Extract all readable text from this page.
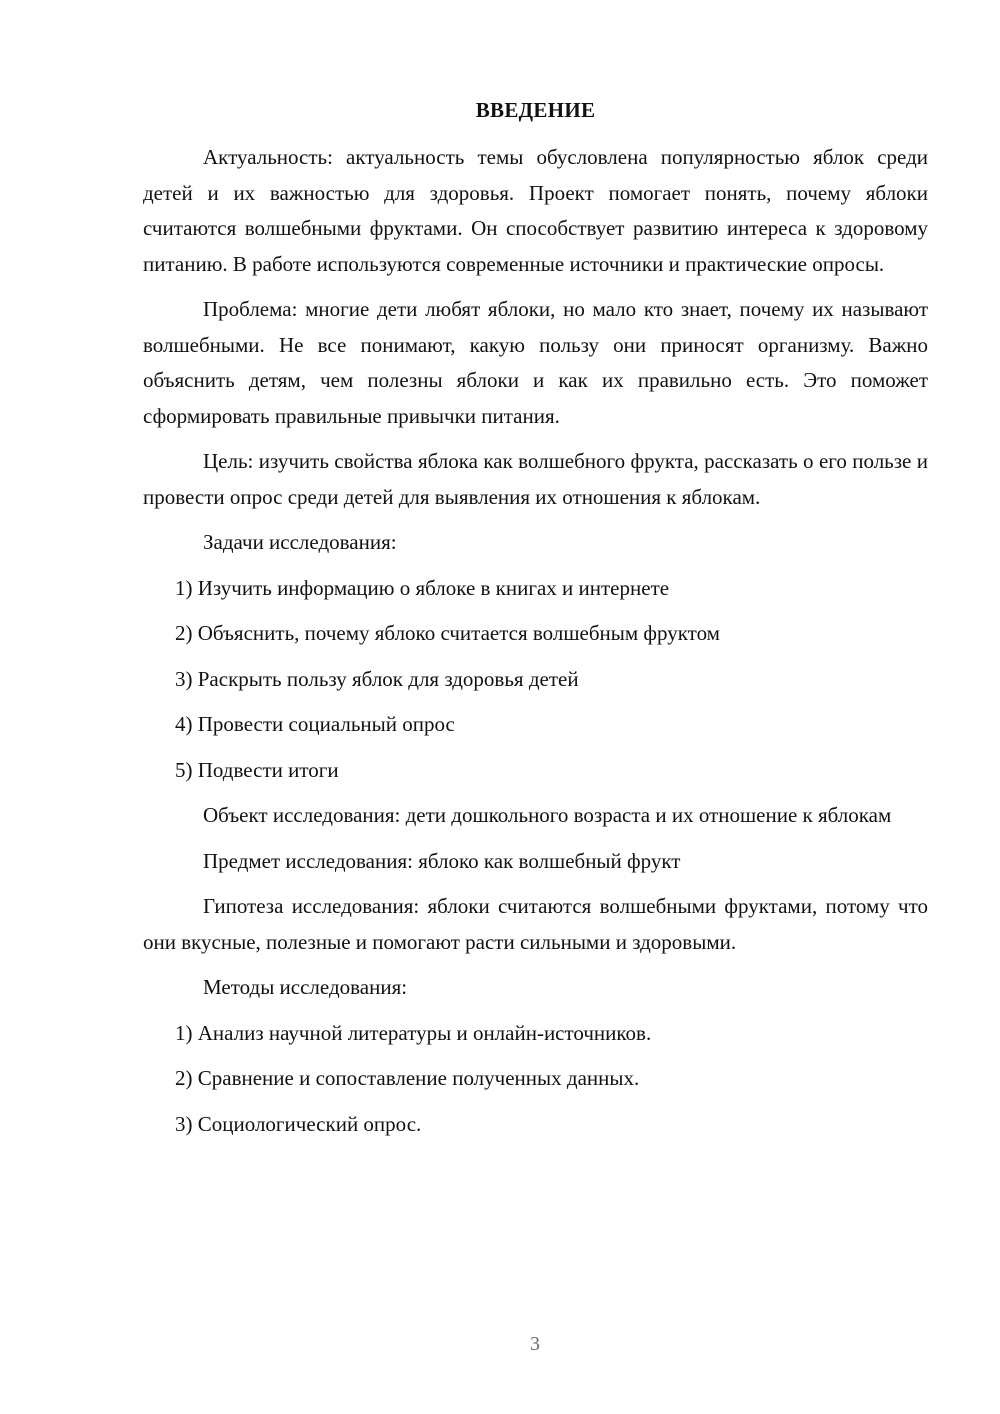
ВВЕДЕНИЕ

Актуальность: актуальность темы обусловлена популярностью яблок среди детей и их важностью для здоровья. Проект помогает понять, почему яблоки считаются волшебными фруктами. Он способствует развитию интереса к здоровому питанию. В работе используются современные источники и практические опросы.

Проблема: многие дети любят яблоки, но мало кто знает, почему их называют волшебными. Не все понимают, какую пользу они приносят организму. Важно объяснить детям, чем полезны яблоки и как их правильно есть. Это поможет сформировать правильные привычки питания.

Цель: изучить свойства яблока как волшебного фрукта, рассказать о его пользе и провести опрос среди детей для выявления их отношения к яблокам.

Задачи исследования:

1) Изучить информацию о яблоке в книгах и интернете
2) Объяснить, почему яблоко считается волшебным фруктом
3) Раскрыть пользу яблок для здоровья детей
4) Провести социальный опрос
5) Подвести итоги

Объект исследования: дети дошкольного возраста и их отношение к яблокам

Предмет исследования: яблоко как волшебный фрукт

Гипотеза исследования: яблоки считаются волшебными фруктами, потому что они вкусные, полезные и помогают расти сильными и здоровыми.

Методы исследования:

1) Анализ научной литературы и онлайн-источников.
2) Сравнение и сопоставление полученных данных.
3) Социологический опрос.
3
